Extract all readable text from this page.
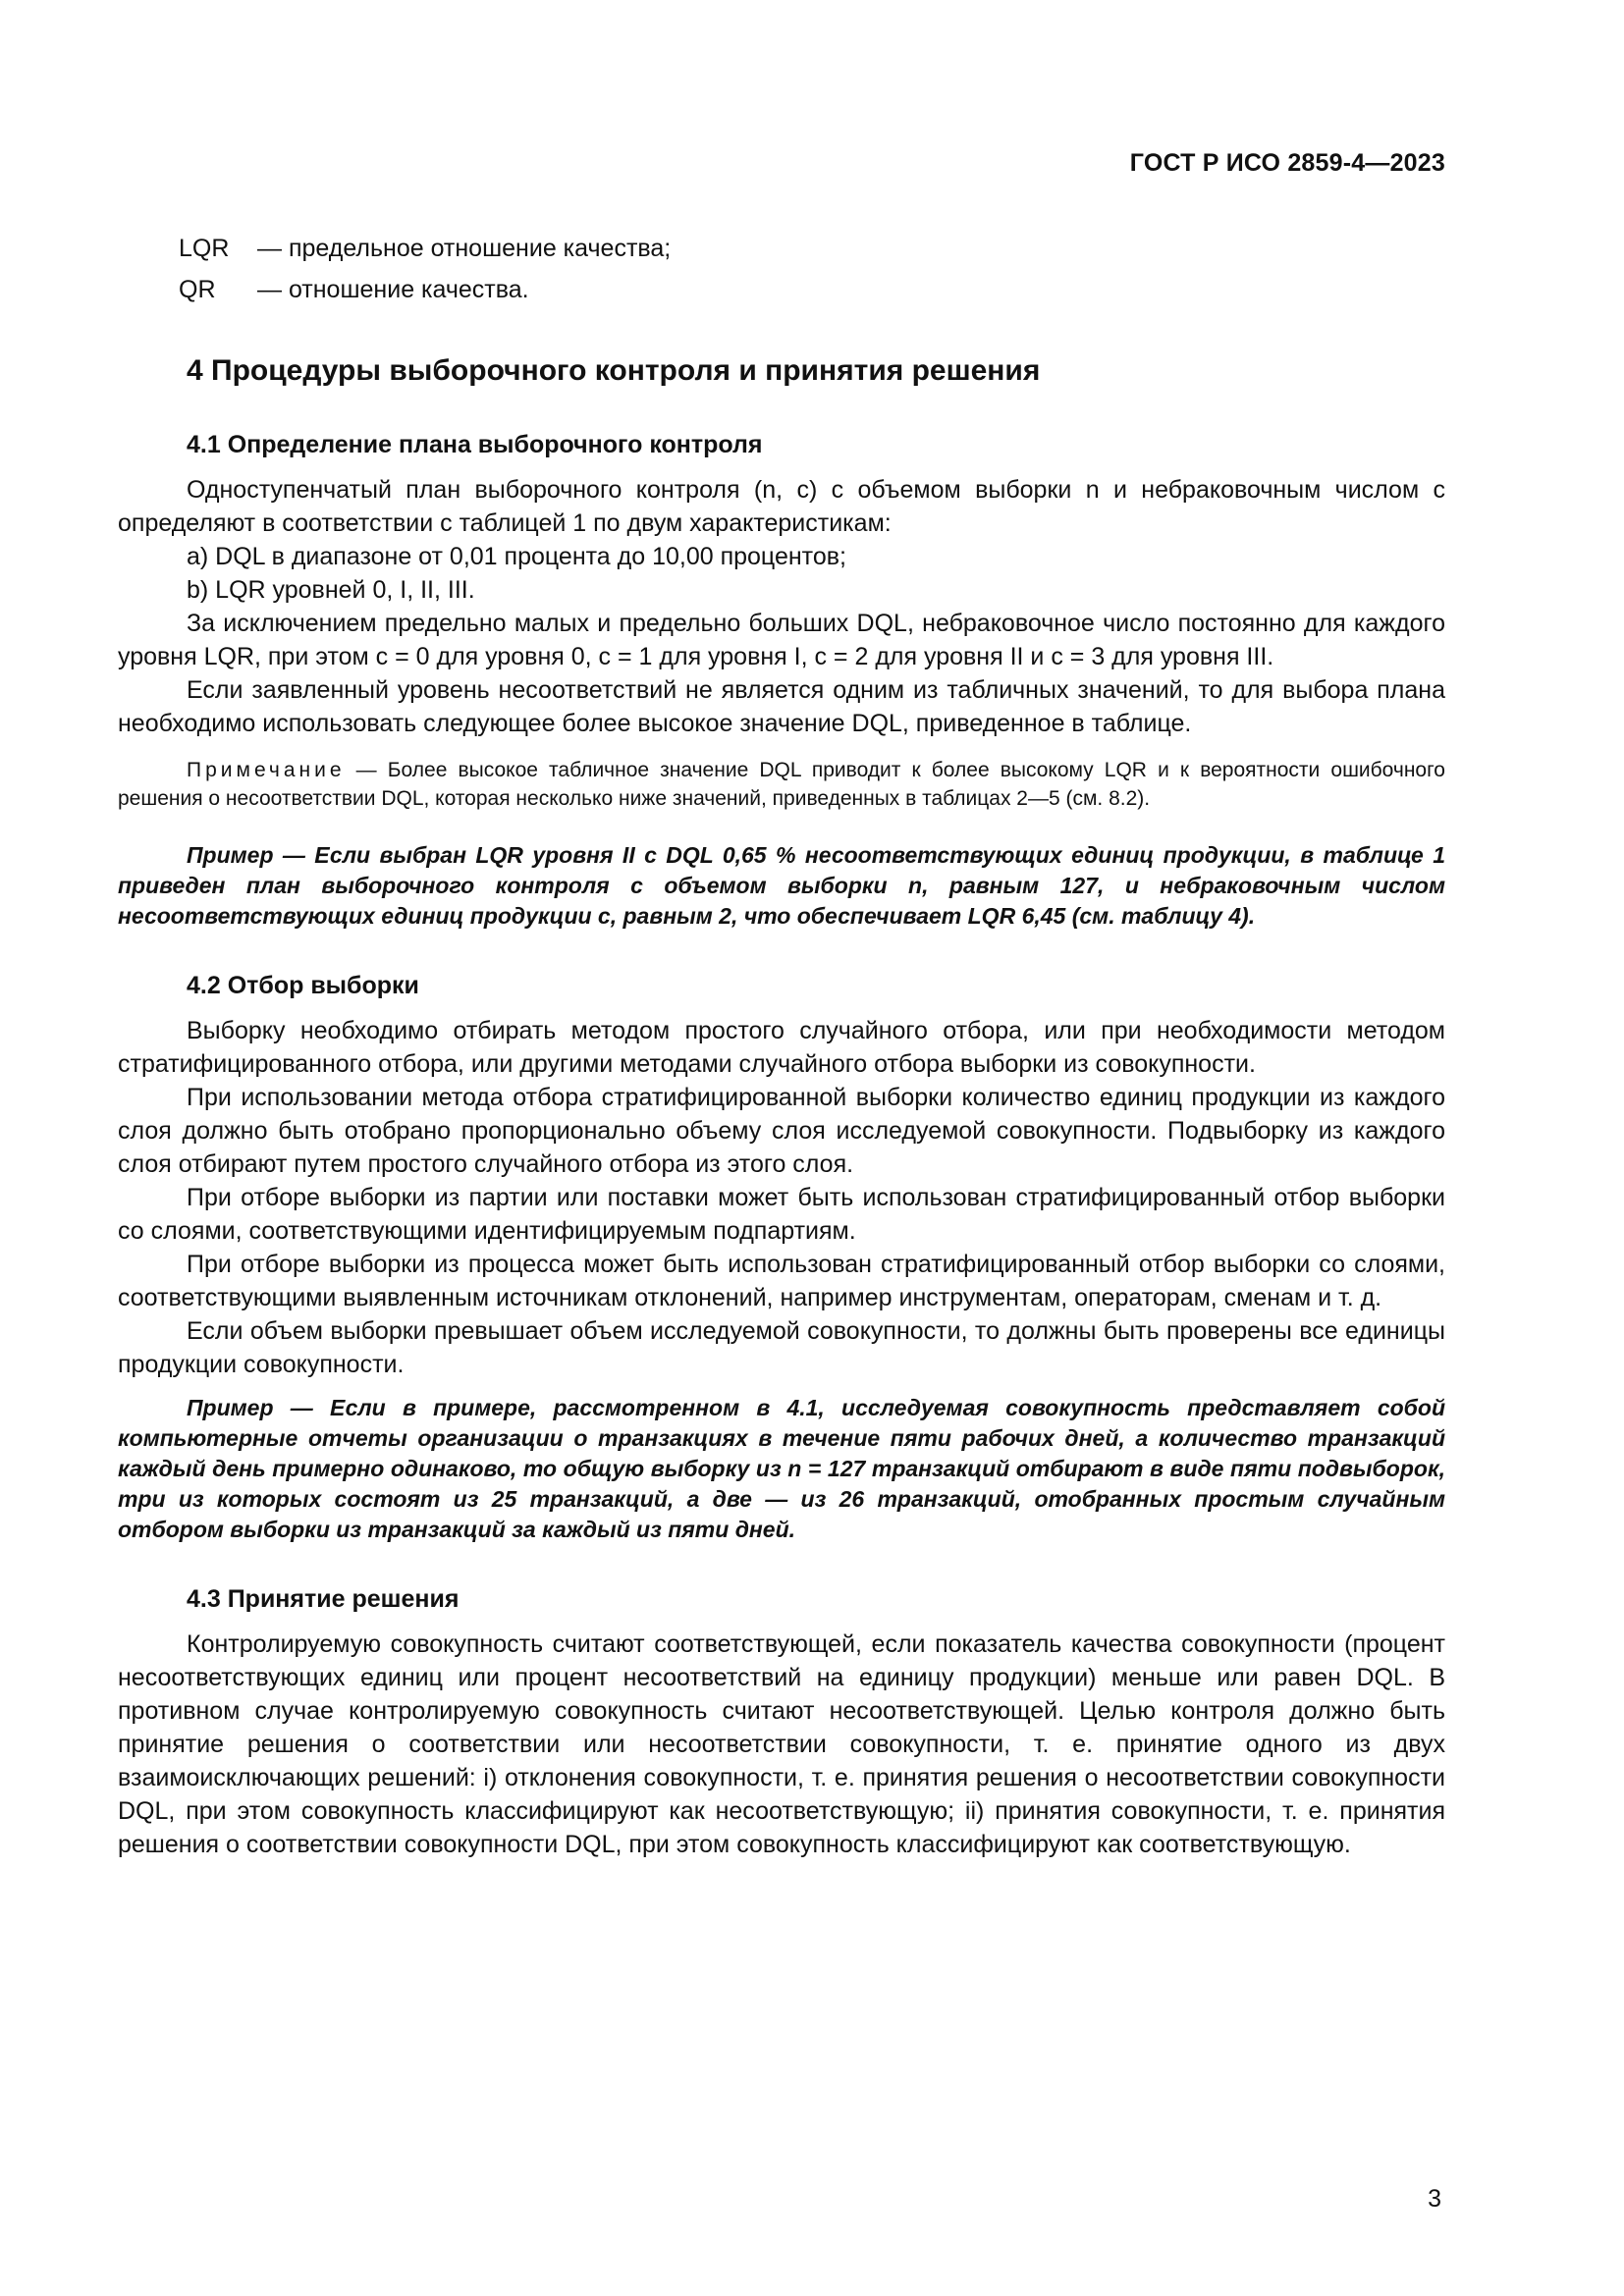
ГОСТ Р ИСО 2859-4—2023
LQR — предельное отношение качества;
QR — отношение качества.
4 Процедуры выборочного контроля и принятия решения
4.1 Определение плана выборочного контроля

Одноступенчатый план выборочного контроля (n, c) с объемом выборки n и небраковочным числом c определяют в соответствии с таблицей 1 по двум характеристикам:

a) DQL в диапазоне от 0,01 процента до 10,00 процентов;

b) LQR уровней 0, I, II, III.

За исключением предельно малых и предельно больших DQL, небраковочное число постоянно для каждого уровня LQR, при этом c = 0 для уровня 0, c = 1 для уровня I, c = 2 для уровня II и c = 3 для уровня III.

Если заявленный уровень несоответствий не является одним из табличных значений, то для выбора плана необходимо использовать следующее более высокое значение DQL, приведенное в таблице.

Примечание — Более высокое табличное значение DQL приводит к более высокому LQR и к вероятности ошибочного решения о несоответствии DQL, которая несколько ниже значений, приведенных в таблицах 2—5 (см. 8.2).

Пример — Если выбран LQR уровня II с DQL 0,65 % несоответствующих единиц продукции, в таблице 1 приведен план выборочного контроля с объемом выборки n, равным 127, и небраковочным числом несоответствующих единиц продукции c, равным 2, что обеспечивает LQR 6,45 (см. таблицу 4).

4.2 Отбор выборки

Выборку необходимо отбирать методом простого случайного отбора, или при необходимости методом стратифицированного отбора, или другими методами случайного отбора выборки из совокупности.

При использовании метода отбора стратифицированной выборки количество единиц продукции из каждого слоя должно быть отобрано пропорционально объему слоя исследуемой совокупности. Подвыборку из каждого слоя отбирают путем простого случайного отбора из этого слоя.

При отборе выборки из партии или поставки может быть использован стратифицированный отбор выборки со слоями, соответствующими идентифицируемым подпартиям.

При отборе выборки из процесса может быть использован стратифицированный отбор выборки со слоями, соответствующими выявленным источникам отклонений, например инструментам, операторам, сменам и т. д.

Если объем выборки превышает объем исследуемой совокупности, то должны быть проверены все единицы продукции совокупности.

Пример — Если в примере, рассмотренном в 4.1, исследуемая совокупность представляет собой компьютерные отчеты организации о транзакциях в течение пяти рабочих дней, а количество транзакций каждый день примерно одинаково, то общую выборку из n = 127 транзакций отбирают в виде пяти подвыборок, три из которых состоят из 25 транзакций, а две — из 26 транзакций, отобранных простым случайным отбором выборки из транзакций за каждый из пяти дней.

4.3 Принятие решения

Контролируемую совокупность считают соответствующей, если показатель качества совокупности (процент несоответствующих единиц или процент несоответствий на единицу продукции) меньше или равен DQL. В противном случае контролируемую совокупность считают несоответствующей. Целью контроля должно быть принятие решения о соответствии или несоответствии совокупности, т. е. принятие одного из двух взаимоисключающих решений: i) отклонения совокупности, т. е. принятия решения о несоответствии совокупности DQL, при этом совокупность классифицируют как несоответствующую; ii) принятия совокупности, т. е. принятия решения о соответствии совокупности DQL, при этом совокупность классифицируют как соответствующую.

3
